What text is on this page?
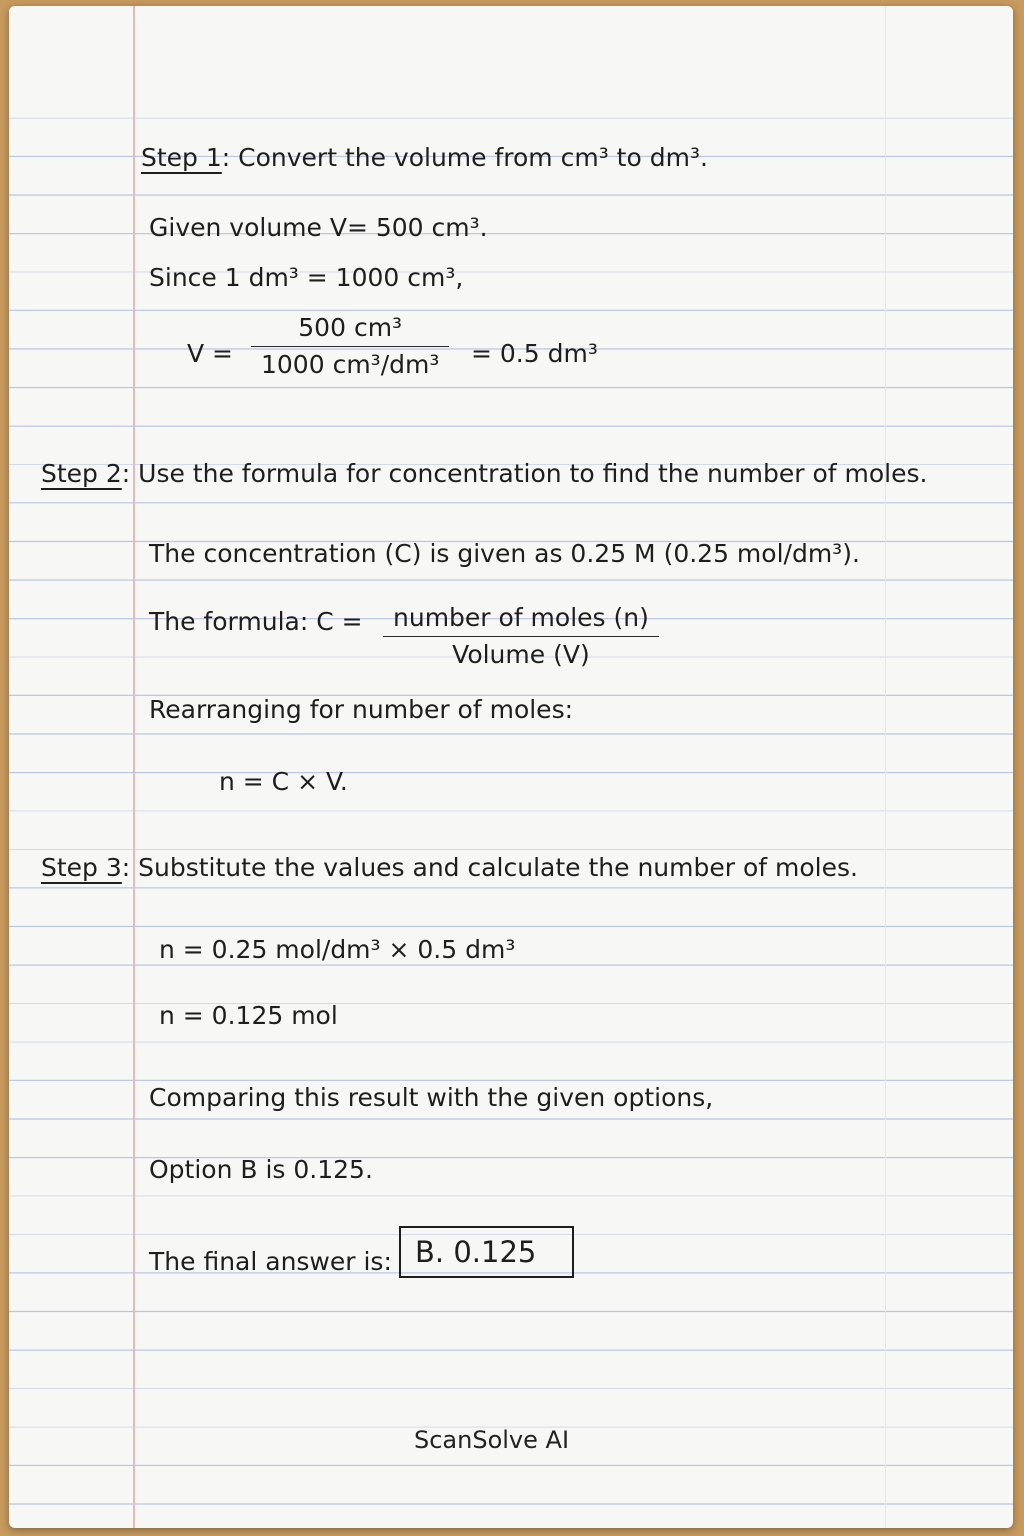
Step 1: Convert the volume from cm³ to dm³.
Given volume V= 500 cm³.
Since 1 dm³ = 1000 cm³,
V =
500 cm³
1000 cm³/dm³	= 0.5 dm³
Step 2: Use the formula for concentration to find the number of moles.
The concentration (C) is given as 0.25 M (0.25 mol/dm³).
The formula: C =	number of moles (n)
Volume (V)
Rearranging for number of moles:
n = C × V.
Step 3: Substitute the values and calculate the number of moles.
n = 0.25 mol/dm³ × 0.5 dm³
n = 0.125 mol
Comparing this result with the given options,
Option B is 0.125.
The final answer is: B. 0.125
ScanSolve AI
